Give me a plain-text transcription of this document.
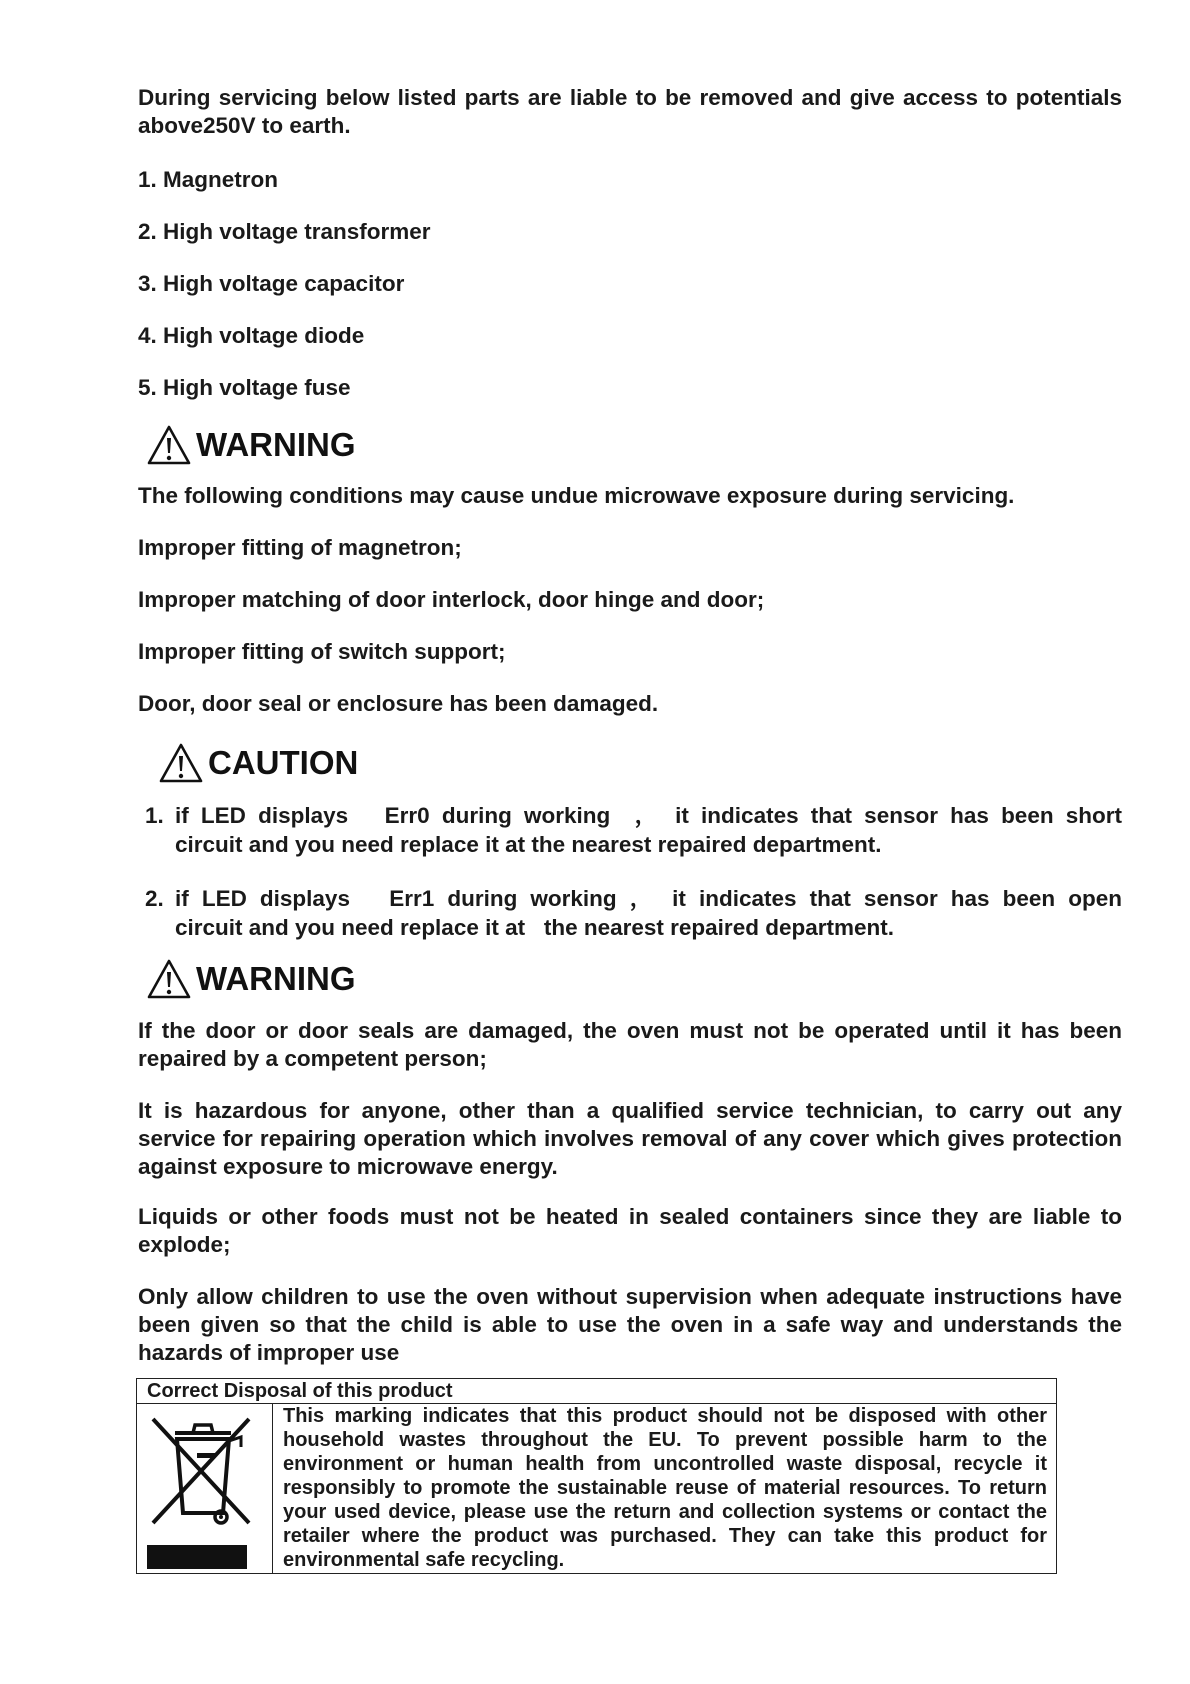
During servicing below listed parts are liable to be removed and give access to potentials above250V to earth.

1. Magnetron

2. High voltage transformer

3. High voltage capacitor

4. High voltage diode

5. High voltage fuse

WARNING

The following conditions may cause undue microwave exposure during servicing.

Improper fitting of magnetron;

Improper matching of door interlock, door hinge and door;

Improper fitting of switch support;

Door, door seal or enclosure has been damaged.

CAUTION
1. if LED displays   Err0 during working  ， it indicates that sensor has been short
circuit and you need replace it at the nearest repaired department.
2. if LED displays   Err1 during working ， it indicates that sensor has been open
circuit and you need replace it at   the nearest repaired department.
WARNING

If the door or door seals are damaged, the oven must not be operated until it has been repaired by a competent person;

It is hazardous for anyone, other than a qualified service technician, to carry out any service for repairing operation which involves removal of any cover which gives protection against exposure to microwave energy.

Liquids or other foods must not be heated in sealed containers since they are liable to explode;

Only allow children to use the oven without supervision when adequate instructions have been given so that the child is able to use the oven in a safe way and understands the hazards of improper use

Correct Disposal of this product

This marking indicates that this product should not be disposed with other household wastes throughout the EU. To prevent possible harm to the environment or human health from uncontrolled waste disposal, recycle it responsibly to promote the sustainable reuse of material resources. To return your used device, please use the return and collection systems or contact the retailer where the product was purchased. They can take this product for environmental safe recycling.
